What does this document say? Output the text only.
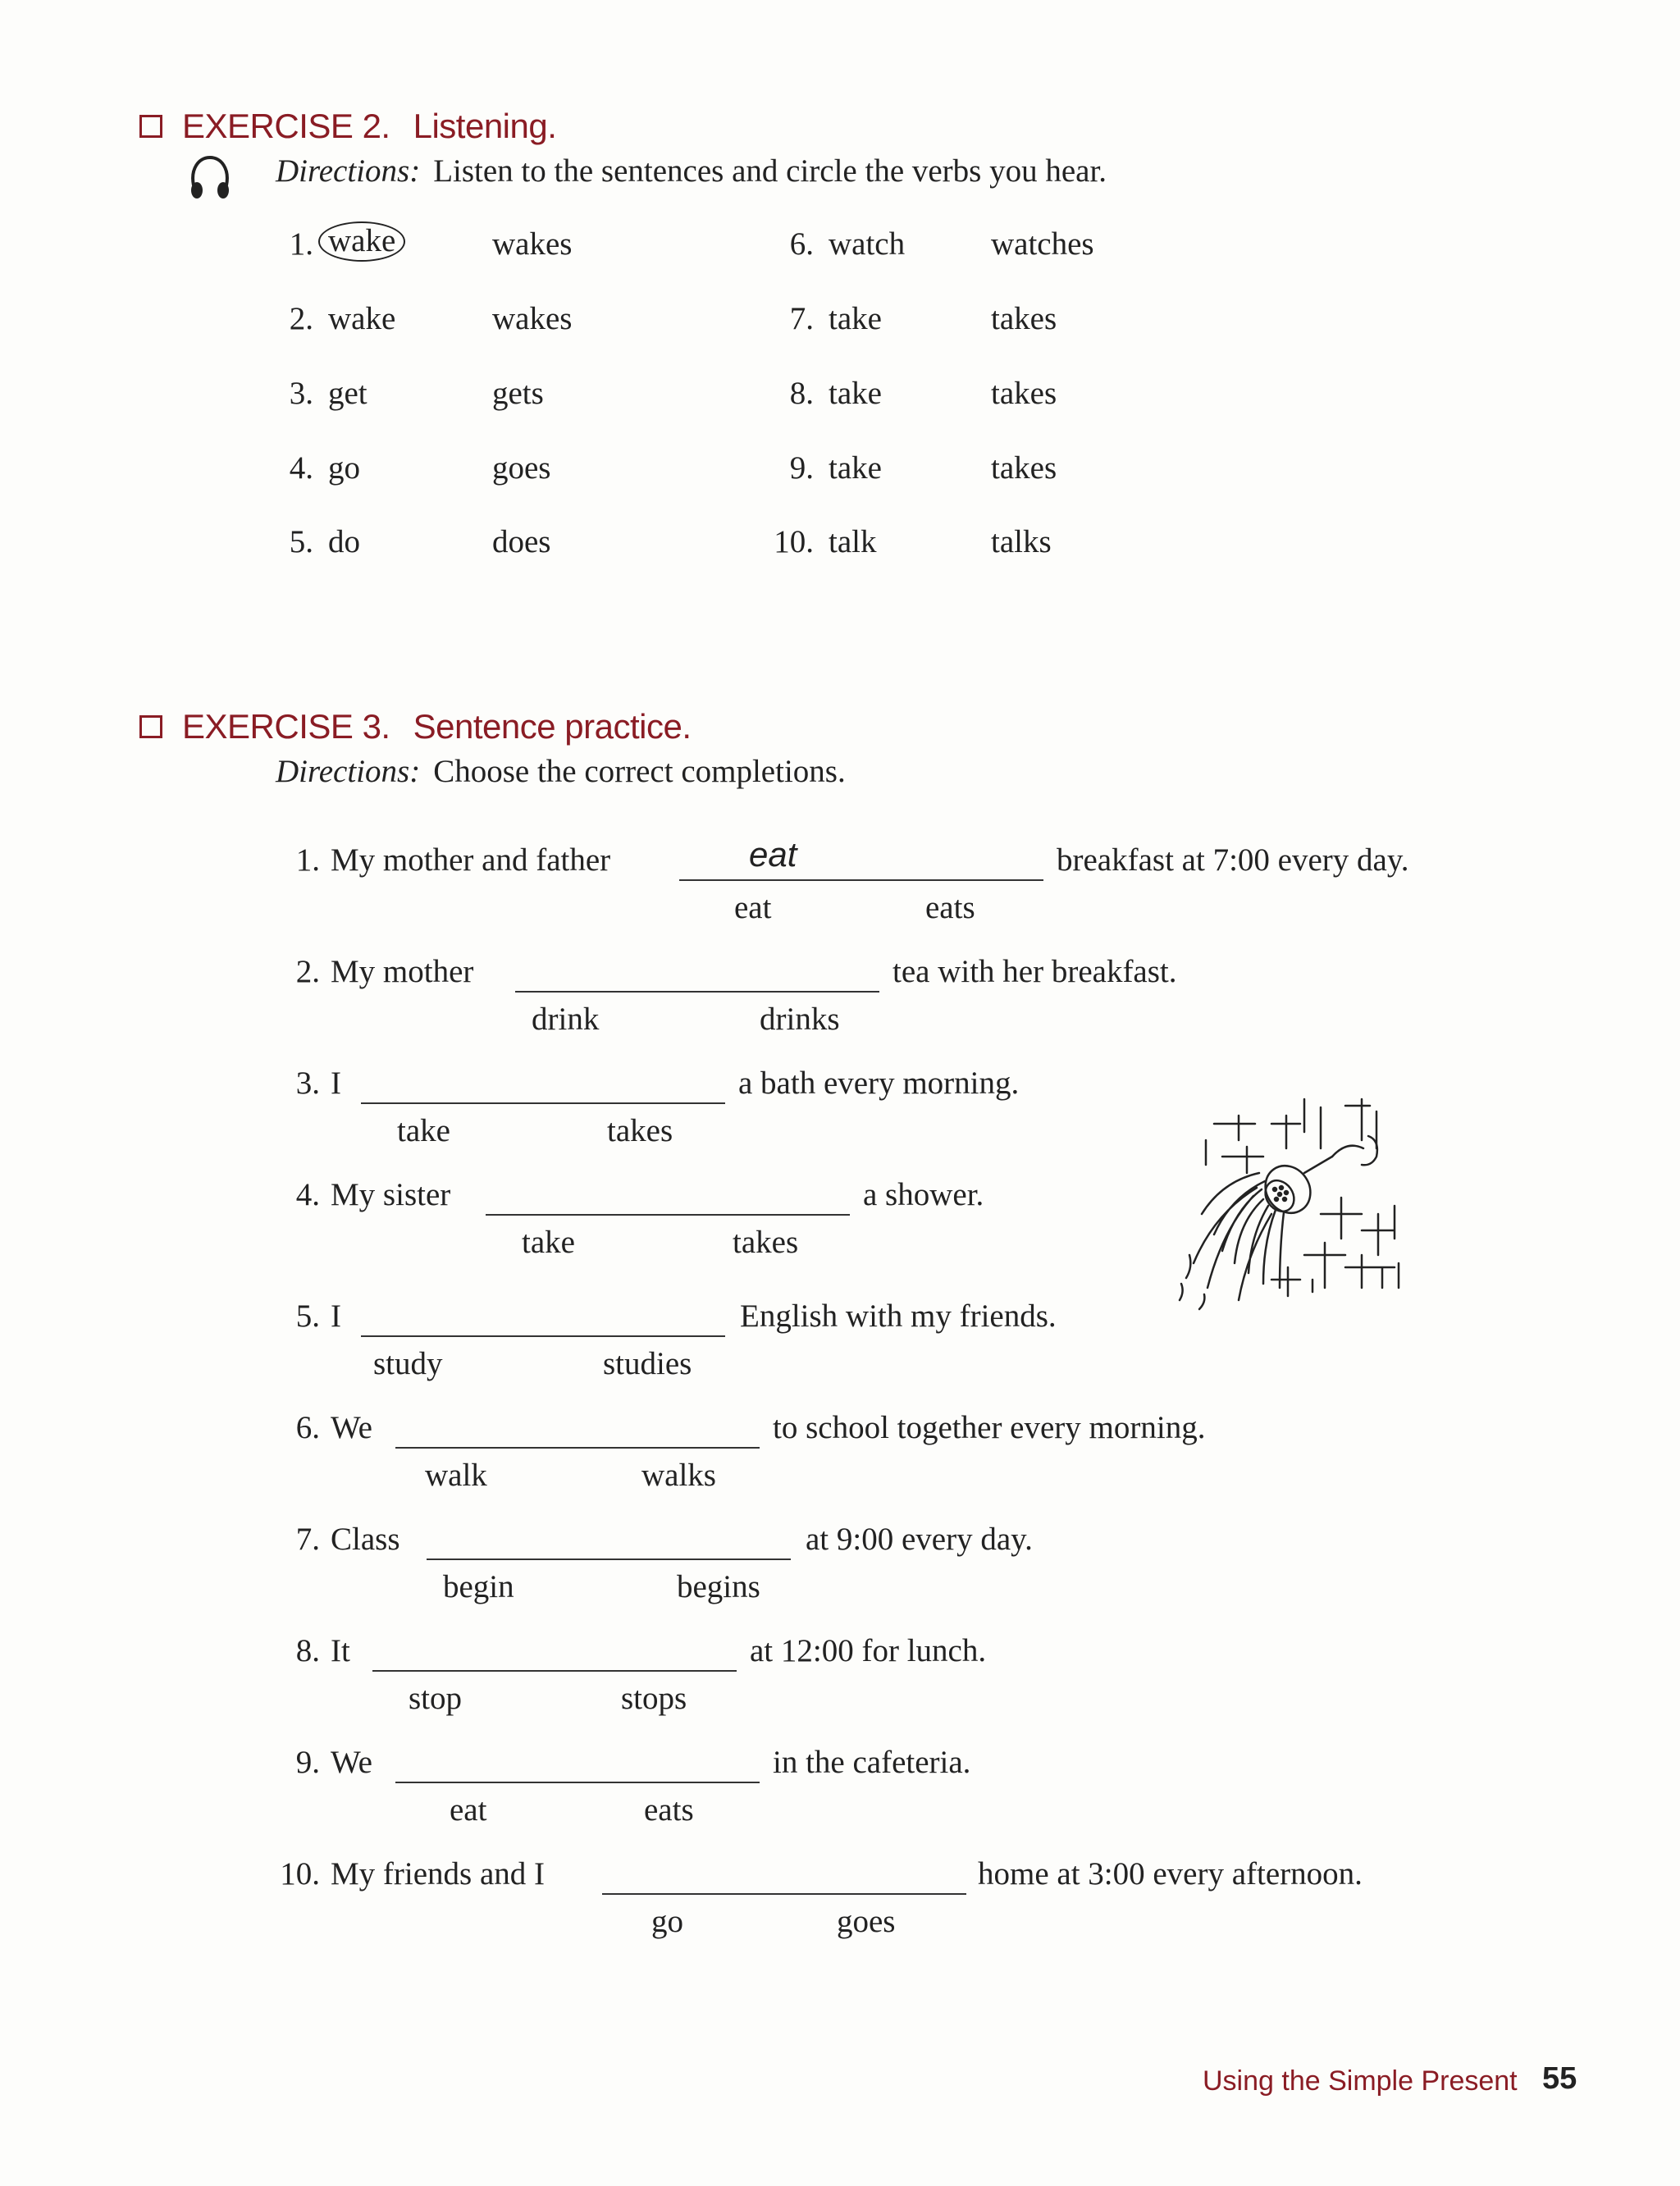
EXERCISE 2. Listening.
Directions: Listen to the sentences and circle the verbs you hear.
1. wake	wakes
2. wake	wakes
3. get	gets
4. go	goes
5. do	does
6. watch	watches
7. take	takes
8. take	takes
9. take	takes
10. talk	talks
EXERCISE 3. Sentence practice.
Directions: Choose the correct completions.
1. My mother and father	eat	breakfast at 7:00 every day.
eat	eats
2. My mother	tea with her breakfast.
drink	drinks
3. I	a bath every morning.
take	takes
4. My sister	a shower.
take	takes
5. I	English with my friends.
study	studies
6. We	to school together every morning.
walk	walks
7. Class	at 9:00 every day.
begin	begins
8. It	at 12:00 for lunch.
stop	stops
9. We	in the cafeteria.
eat	eats
10. My friends and I	home at 3:00 every afternoon.
go	goes
Using the Simple Present 55
